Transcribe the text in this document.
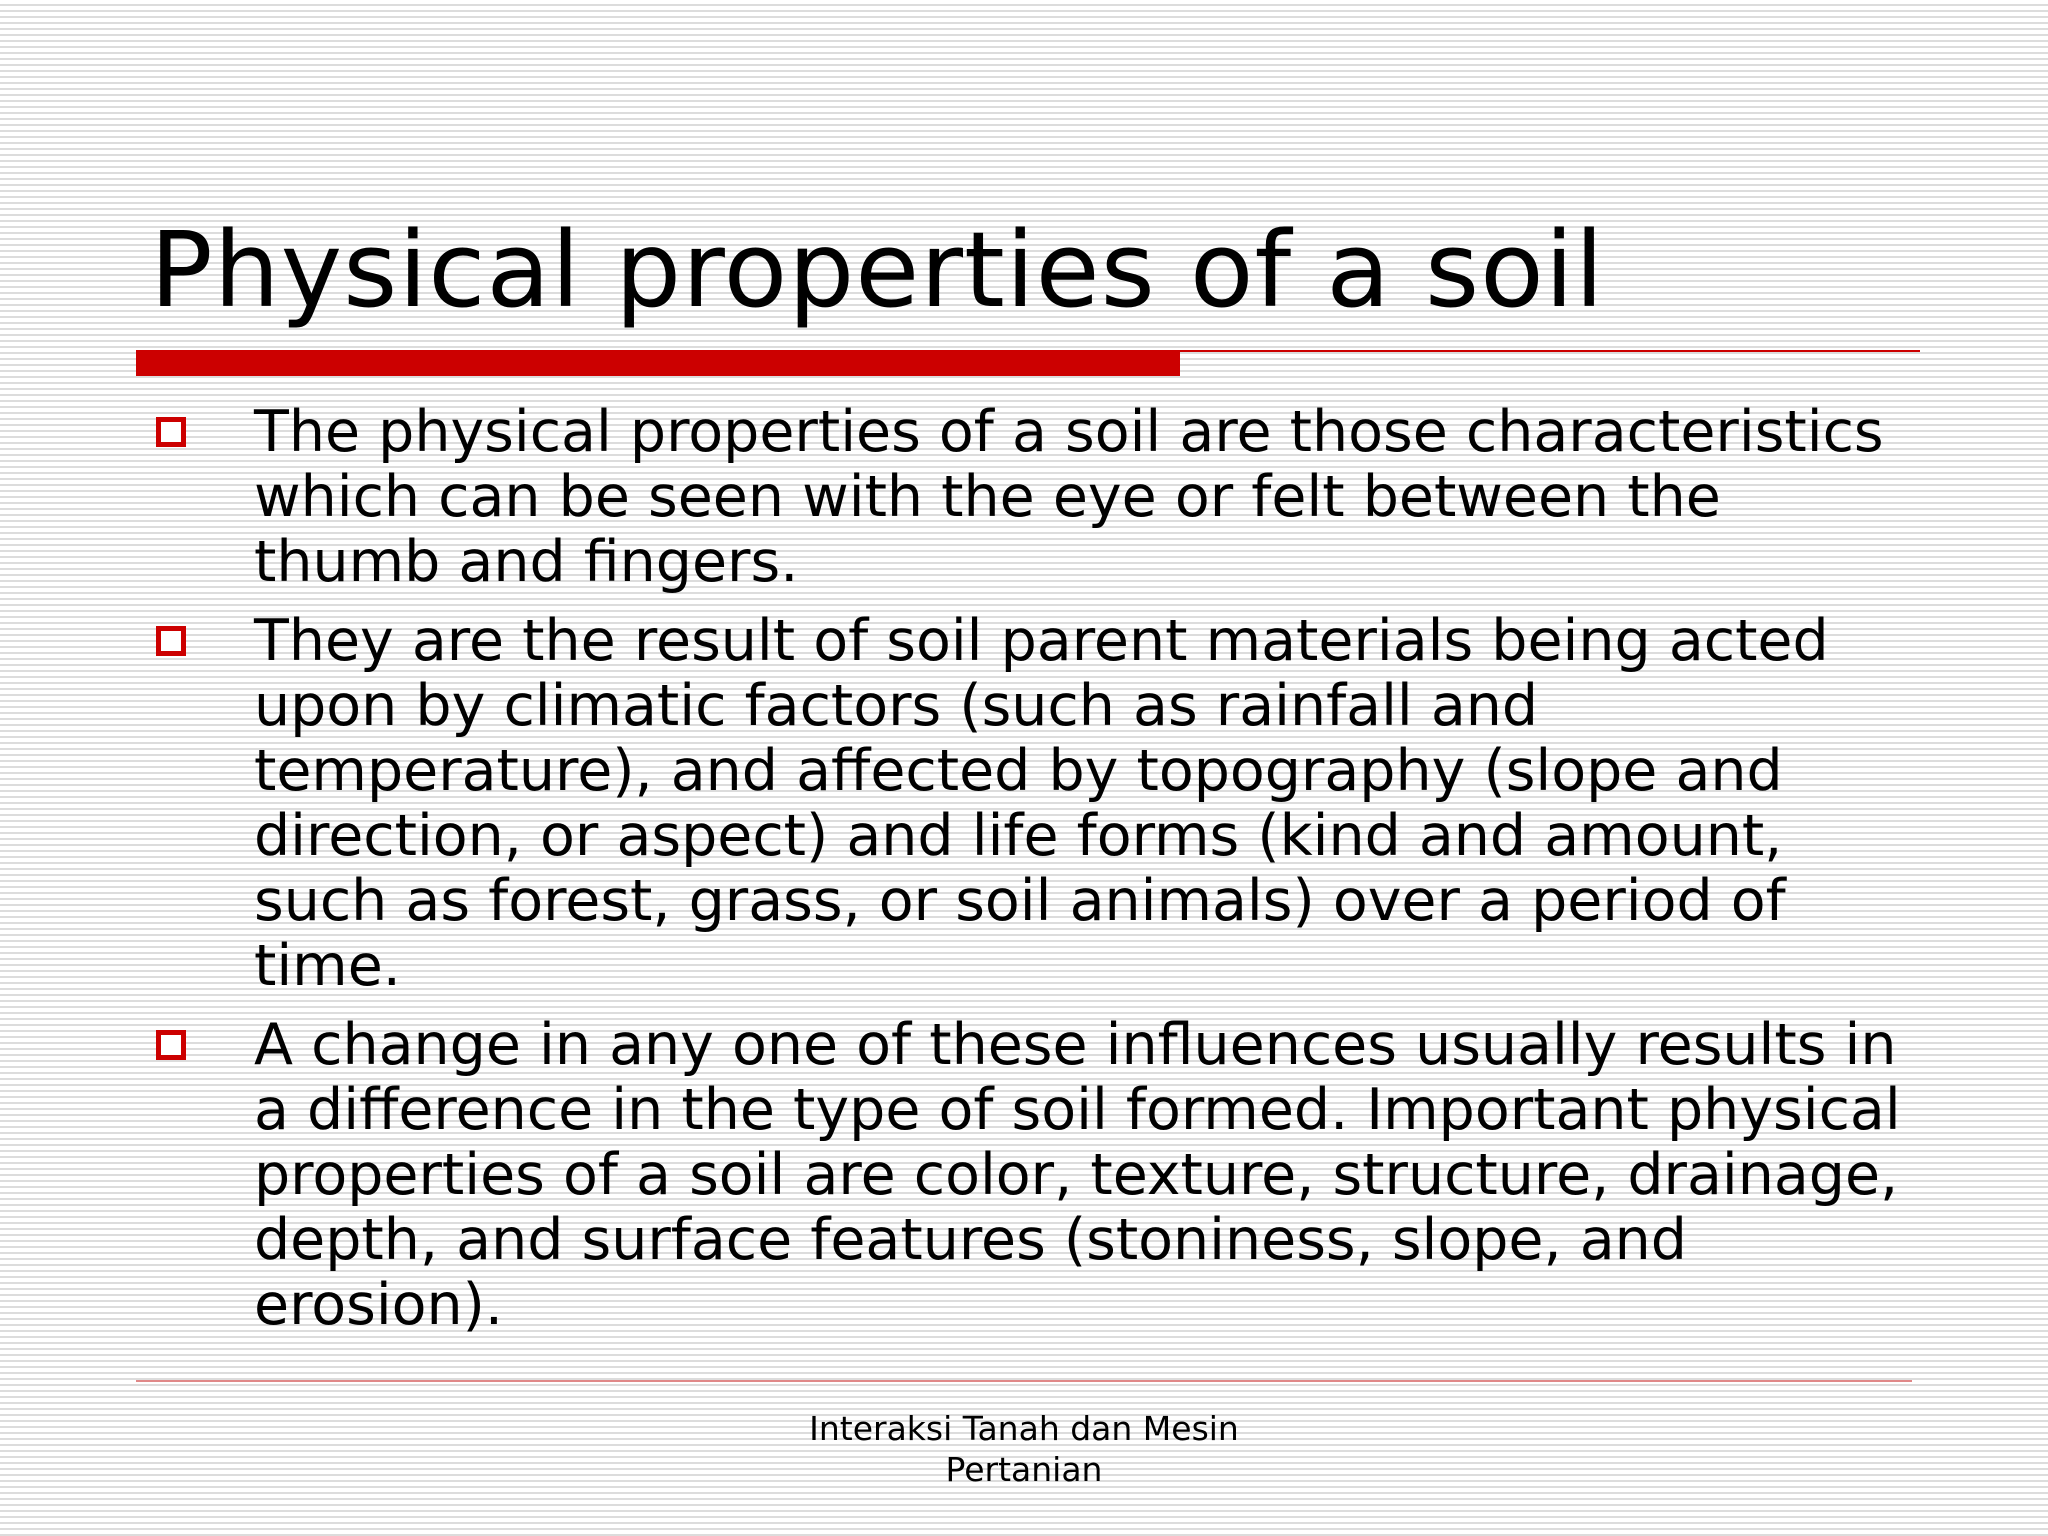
Physical properties of a soil
The physical properties of a soil are those characteristics which can be seen with the eye or felt between the thumb and fingers.
They are the result of soil parent materials being acted upon by climatic factors (such as rainfall and temperature), and affected by topography (slope and direction, or aspect) and life forms (kind and amount, such as forest, grass, or soil animals) over a period of time.
A change in any one of these influences usually results in a difference in the type of soil formed. Important physical properties of a soil are color, texture, structure, drainage, depth, and surface features (stoniness, slope, and erosion).
Interaksi Tanah dan Mesin
Pertanian
